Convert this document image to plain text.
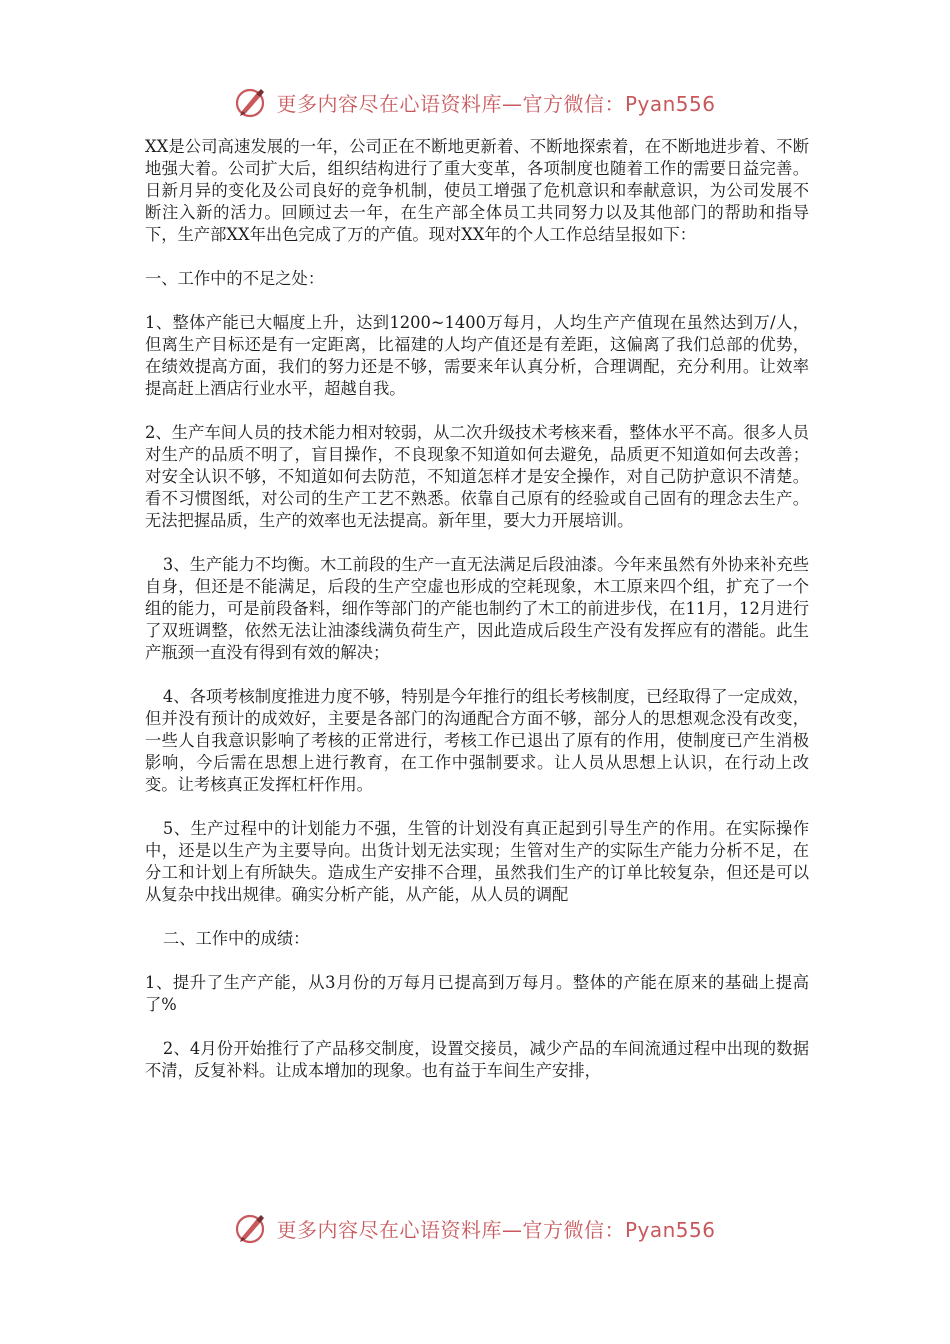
更多内容尽在心语资料库—官方微信：Pyan556

XX是公司高速发展的一年，公司正在不断地更新着、不断地探索着，在不断地进步着、不断地强大着。公司扩大后，组织结构进行了重大变革，各项制度也随着工作的需要日益完善。日新月异的变化及公司良好的竞争机制，使员工增强了危机意识和奉献意识，为公司发展不断注入新的活力。回顾过去一年，在生产部全体员工共同努力以及其他部门的帮助和指导下，生产部XX年出色完成了万的产值。现对XX年的个人工作总结呈报如下：

一、工作中的不足之处：

1、整体产能已大幅度上升，达到1200~1400万每月，人均生产产值现在虽然达到万/人，但离生产目标还是有一定距离，比福建的人均产值还是有差距，这偏离了我们总部的优势，在绩效提高方面，我们的努力还是不够，需要来年认真分析，合理调配，充分利用。让效率提高赶上酒店行业水平，超越自我。

2、生产车间人员的技术能力相对较弱，从二次升级技术考核来看，整体水平不高。很多人员对生产的品质不明了，盲目操作，不良现象不知道如何去避免，品质更不知道如何去改善；对安全认识不够，不知道如何去防范，不知道怎样才是安全操作，对自己防护意识不清楚。看不习惯图纸，对公司的生产工艺不熟悉。依靠自己原有的经验或自己固有的理念去生产。无法把握品质，生产的效率也无法提高。新年里，要大力开展培训。

3、生产能力不均衡。木工前段的生产一直无法满足后段油漆。今年来虽然有外协来补充些自身，但还是不能满足，后段的生产空虚也形成的空耗现象，木工原来四个组，扩充了一个组的能力，可是前段备料，细作等部门的产能也制约了木工的前进步伐，在11月，12月进行了双班调整，依然无法让油漆线满负荷生产，因此造成后段生产没有发挥应有的潜能。此生产瓶颈一直没有得到有效的解决；

4、各项考核制度推进力度不够，特别是今年推行的组长考核制度，已经取得了一定成效，但并没有预计的成效好，主要是各部门的沟通配合方面不够，部分人的思想观念没有改变，一些人自我意识影响了考核的正常进行，考核工作已退出了原有的作用，使制度已产生消极影响，今后需在思想上进行教育，在工作中强制要求。让人员从思想上认识，在行动上改变。让考核真正发挥杠杆作用。

5、生产过程中的计划能力不强，生管的计划没有真正起到引导生产的作用。在实际操作中，还是以生产为主要导向。出货计划无法实现；生管对生产的实际生产能力分析不足，在分工和计划上有所缺失。造成生产安排不合理，虽然我们生产的订单比较复杂，但还是可以从复杂中找出规律。确实分析产能，从产能，从人员的调配

二、工作中的成绩：

1、提升了生产产能，从3月份的万每月已提高到万每月。整体的产能在原来的基础上提高了%

2、4月份开始推行了产品移交制度，设置交接员，减少产品的车间流通过程中出现的数据不清，反复补料。让成本增加的现象。也有益于车间生产安排，

更多内容尽在心语资料库—官方微信：Pyan556
